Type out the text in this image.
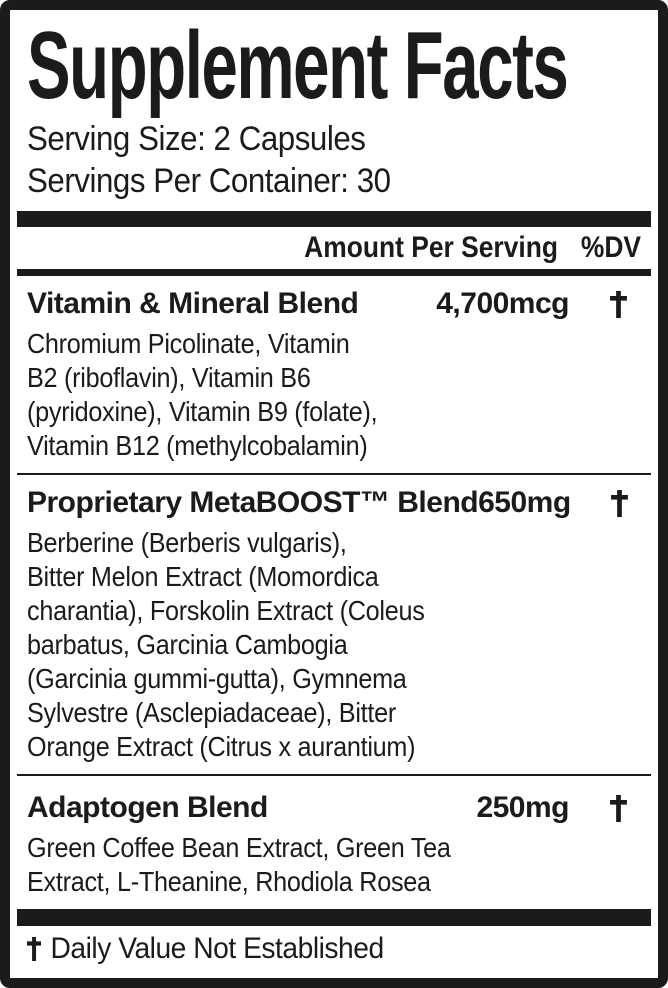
Supplement Facts
Serving Size: 2 Capsules
Servings Per Container: 30
Amount Per Serving %DV
Vitamin & Mineral Blend	4,700mcg
Chromium Picolinate, Vitamin
B2 (riboflavin), Vitamin B6
(pyridoxine), Vitamin B9 (folate),
Vitamin B12 (methylcobalamin)
Proprietary MetaBOOST™ Blend 650mg
Berberine (Berberis vulgaris),
Bitter Melon Extract (Momordica
charantia), Forskolin Extract (Coleus
barbatus, Garcinia Cambogia
(Garcinia gummi-gutta), Gymnema
Sylvestre (Asclepiadaceae), Bitter
Orange Extract (Citrus x aurantium)
Adaptogen Blend	250mg
Green Coffee Bean Extract, Green Tea
Extract, L-Theanine, Rhodiola Rosea
Daily Value Not Established
